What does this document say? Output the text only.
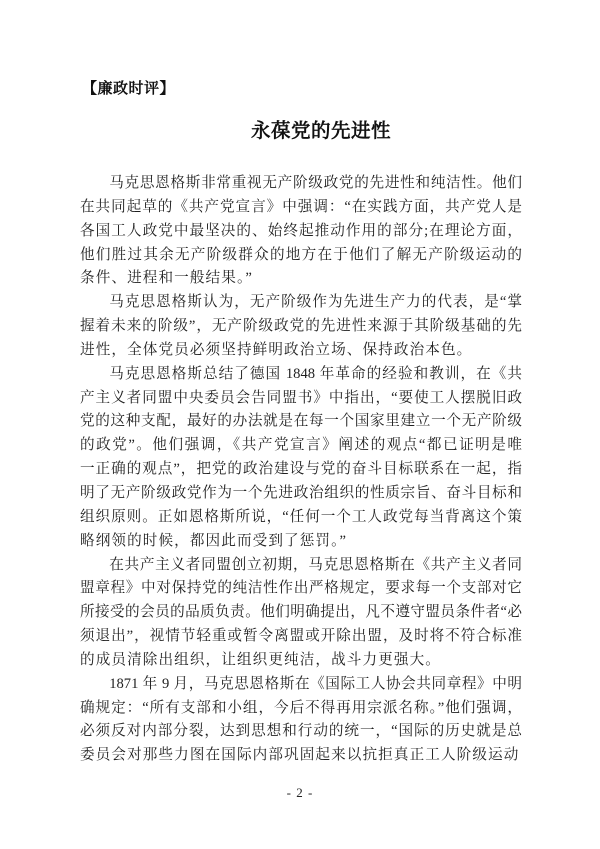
【廉政时评】
永葆党的先进性
马克思恩格斯非常重视无产阶级政党的先进性和纯洁性。他们
在共同起草的《共产党宣言》中强调：“在实践方面，共产党人是
各国工人政党中最坚决的、始终起推动作用的部分;在理论方面，
他们胜过其余无产阶级群众的地方在于他们了解无产阶级运动的
条件、进程和一般结果。”
马克思恩格斯认为，无产阶级作为先进生产力的代表，是“掌
握着未来的阶级”，无产阶级政党的先进性来源于其阶级基础的先
进性，全体党员必须坚持鲜明政治立场、保持政治本色。
马克思恩格斯总结了德国 1848 年革命的经验和教训，在《共
产主义者同盟中央委员会告同盟书》中指出，“要使工人摆脱旧政
党的这种支配，最好的办法就是在每一个国家里建立一个无产阶级
的政党”。他们强调，《共产党宣言》阐述的观点“都已证明是唯
一正确的观点”，把党的政治建设与党的奋斗目标联系在一起，指
明了无产阶级政党作为一个先进政治组织的性质宗旨、奋斗目标和
组织原则。正如恩格斯所说，“任何一个工人政党每当背离这个策
略纲领的时候，都因此而受到了惩罚。”
在共产主义者同盟创立初期，马克思恩格斯在《共产主义者同
盟章程》中对保持党的纯洁性作出严格规定，要求每一个支部对它
所接受的会员的品质负责。他们明确提出，凡不遵守盟员条件者“必
须退出”，视情节轻重或暂令离盟或开除出盟，及时将不符合标准
的成员清除出组织，让组织更纯洁，战斗力更强大。
1871 年 9 月，马克思恩格斯在《国际工人协会共同章程》中明
确规定：“所有支部和小组，今后不得再用宗派名称。”他们强调，
必须反对内部分裂，达到思想和行动的统一，“国际的历史就是总
委员会对那些力图在国际内部巩固起来以抗拒真正工人阶级运动
- 2 -
